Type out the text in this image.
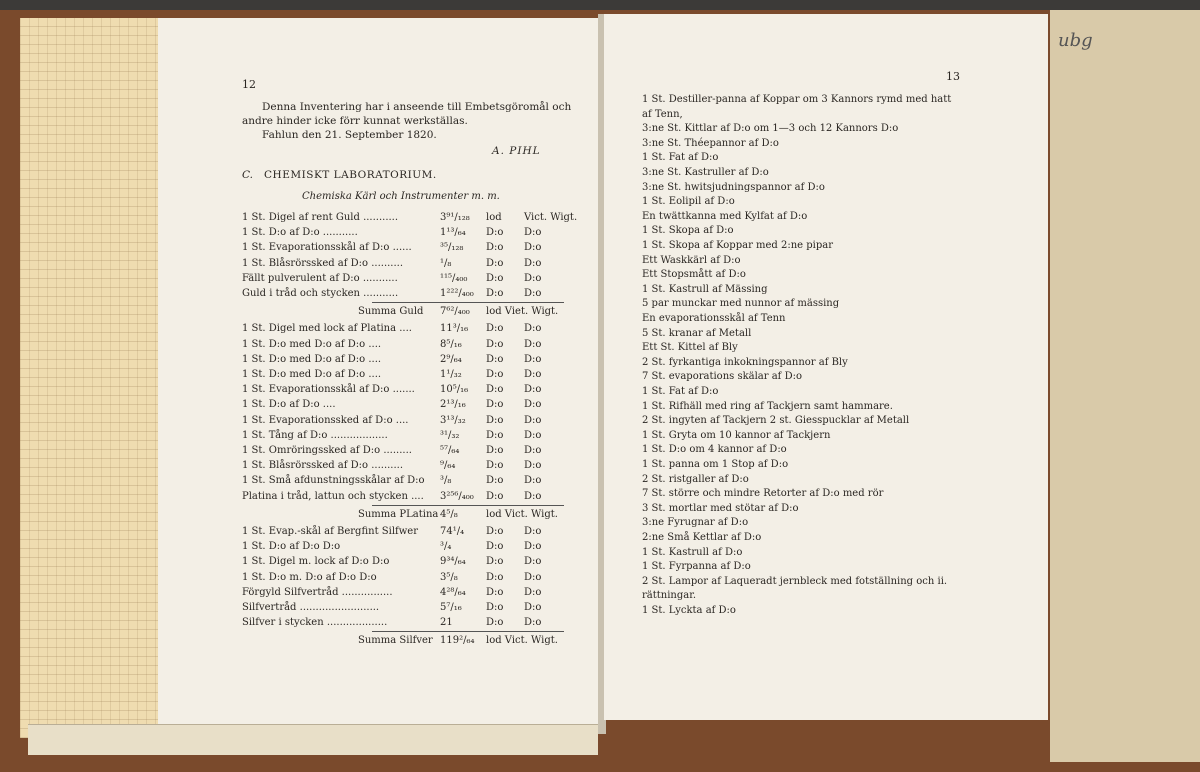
ubg
12
Denna Inventering har i anseende till Embetsgöromål och
andre hinder icke förr kunnat werkställas.
Fahlun den 21. September 1820.
A. PIHL
C. CHEMISKT LABORATORIUM.
Chemiska Kärl och Instrumenter m. m.
1 St. Digel af rent Guld ...........	3⁹¹/₁₂₈ lod Vict. Wigt.
1 St. D:o af D:o ...........	1¹³/₆₄ D:o D:o
1 St. Evaporationsskål af D:o ......	³⁵/₁₂₈ D:o D:o
1 St. Blåsrörssked af D:o ..........	¹/₈	D:o D:o
Fällt pulverulent af D:o ...........	¹¹⁵/₄₀₀ D:o D:o
Guld i tråd och stycken ...........	1²²²/₄₀₀ D:o D:o
Summa Guld 7⁶²/₄₀₀ lod Viet. Wigt.
1 St. Digel med lock af Platina ....	11³/₁₆ D:o D:o
1 St. D:o med D:o af D:o ....	8⁵/₁₆ D:o D:o
1 St. D:o med D:o af D:o ....	2⁹/₆₄ D:o D:o
1 St. D:o med D:o af D:o ....	1¹/₃₂ D:o D:o
1 St. Evaporationsskål af D:o .......	10⁵/₁₆ D:o D:o
1 St. D:o af D:o ....	2¹³/₁₆ D:o D:o
1 St. Evaporationssked af D:o ....	3¹³/₃₂ D:o D:o
1 St. Tång af D:o ..................	³¹/₃₂	D:o D:o
1 St. Omröringssked af D:o .........	⁵⁷/₆₄	D:o D:o
1 St. Blåsrörssked af D:o ..........	⁹/₆₄	D:o D:o
1 St. Små afdunstningsskålar af D:o ³/₈	D:o D:o
Platina i tråd, lattun och stycken .... 3²⁵⁶/₄₀₀ D:o D:o
Summa PLatina 4⁵/₈	lod Vict. Wigt.
1 St. Evap.-skål af Bergfint Silfwer 74¹/₄ D:o D:o
1 St. D:o af D:o D:o	³/₄	D:o D:o
1 St. Digel m. lock af D:o D:o	9³⁴/₆₄ D:o D:o
1 St. D:o m. D:o af D:o D:o	3⁵/₈	D:o D:o
Förgyld Silfvertråd ................	4²⁸/₆₄ D:o D:o
Silfvertråd .........................	5⁷/₁₆ D:o D:o
Silfver i stycken ...................	21	D:o D:o
Summa Silfver 119²/₆₄ lod Vict. Wigt.
13
1 St. Destiller-panna af Koppar om 3 Kannors rymd med hatt
af Tenn,
3:ne St. Kittlar af D:o om 1—3 och 12 Kannors D:o
3:ne St. Théepannor af D:o
1 St. Fat af D:o
3:ne St. Kastruller af D:o
3:ne St. hwitsjudningspannor af D:o
1 St. Eolipil af D:o
En twättkanna med Kylfat af D:o
1 St. Skopa af D:o
1 St. Skopa af Koppar med 2:ne pipar
Ett Waskkärl af D:o
Ett Stopsmått af D:o
1 St. Kastrull af Mässing
5 par munckar med nunnor af mässing
En evaporationsskål af Tenn
5 St. kranar af Metall
Ett St. Kittel af Bly
2 St. fyrkantiga inkokningspannor af Bly
7 St. evaporations skälar af D:o
1 St. Fat af D:o
1 St. Rifhäll med ring af Tackjern samt hammare.
2 St. ingyten af Tackjern 2 st. Giesspucklar af Metall
1 St. Gryta om 10 kannor af Tackjern
1 St. D:o om 4 kannor af D:o
1 St. panna om 1 Stop af D:o
2 St. ristgaller af D:o
7 St. större och mindre Retorter af D:o med rör
3 St. mortlar med stötar af D:o
3:ne Fyrugnar af D:o
2:ne Små Kettlar af D:o
1 St. Kastrull af D:o
1 St. Fyrpanna af D:o
2 St. Lampor af Laqueradt jernbleck med fotställning och ii.
rättningar.
1 St. Lyckta af D:o
